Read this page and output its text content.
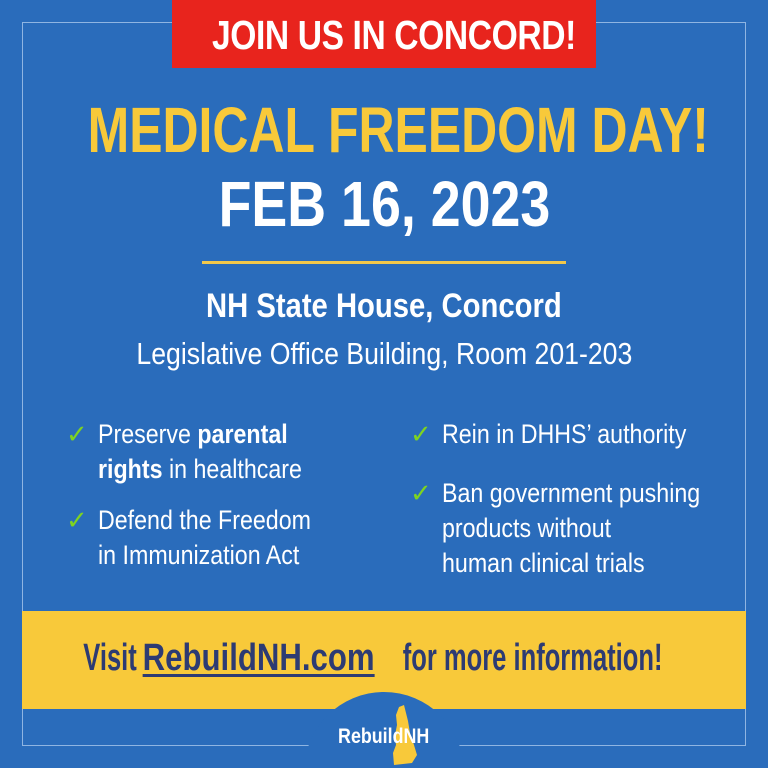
JOIN US IN CONCORD!
MEDICAL FREEDOM DAY!
FEB 16, 2023
NH State House, Concord
Legislative Office Building, Room 201-203
✓ Preserve parental
rights in healthcare
✓ Defend the Freedom
in Immunization Act
✓ Rein in DHHS’ authority
✓ Ban government pushing
products without
human clinical trials
VisitRebuildNH.comfor more information!
RebuildNH
